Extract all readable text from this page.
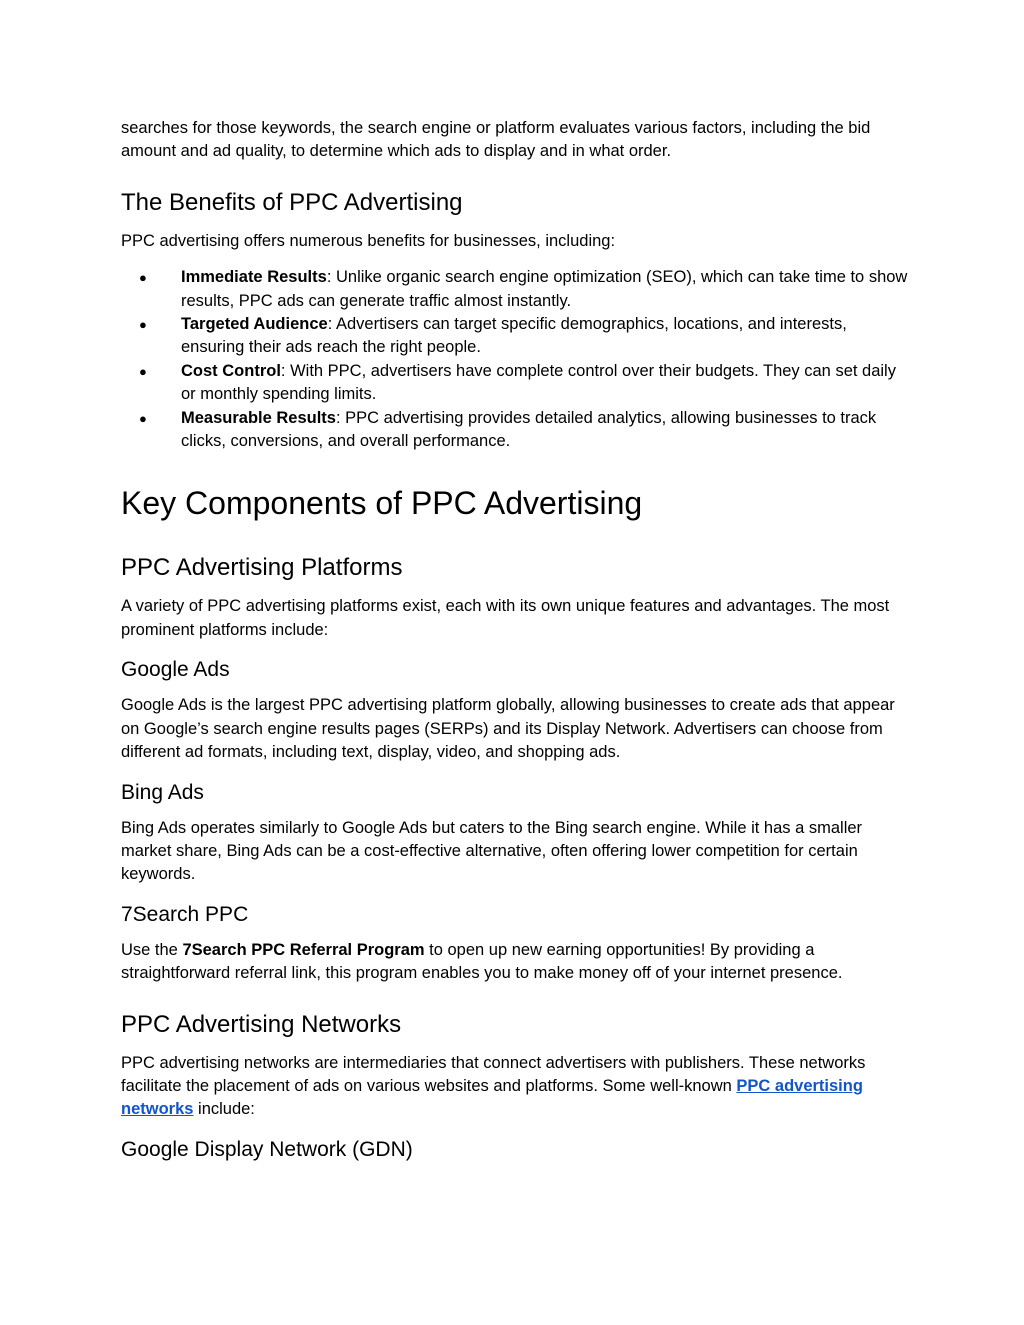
searches for those keywords, the search engine or platform evaluates various factors, including the bid amount and ad quality, to determine which ads to display and in what order.

The Benefits of PPC Advertising

PPC advertising offers numerous benefits for businesses, including:

● Immediate Results: Unlike organic search engine optimization (SEO), which can take time to show results, PPC ads can generate traffic almost instantly.
● Targeted Audience: Advertisers can target specific demographics, locations, and interests, ensuring their ads reach the right people.
● Cost Control: With PPC, advertisers have complete control over their budgets. They can set daily or monthly spending limits.
● Measurable Results: PPC advertising provides detailed analytics, allowing businesses to track clicks, conversions, and overall performance.
Key Components of PPC Advertising
PPC Advertising Platforms

A variety of PPC advertising platforms exist, each with its own unique features and advantages. The most prominent platforms include:

Google Ads

Google Ads is the largest PPC advertising platform globally, allowing businesses to create ads that appear on Google’s search engine results pages (SERPs) and its Display Network. Advertisers can choose from different ad formats, including text, display, video, and shopping ads.

Bing Ads

Bing Ads operates similarly to Google Ads but caters to the Bing search engine. While it has a smaller market share, Bing Ads can be a cost-effective alternative, often offering lower competition for certain keywords.

7Search PPC

Use the 7Search PPC Referral Program to open up new earning opportunities! By providing a straightforward referral link, this program enables you to make money off of your internet presence.

PPC Advertising Networks

PPC advertising networks are intermediaries that connect advertisers with publishers. These networks facilitate the placement of ads on various websites and platforms. Some well-known PPC advertising networks include:

Google Display Network (GDN)
